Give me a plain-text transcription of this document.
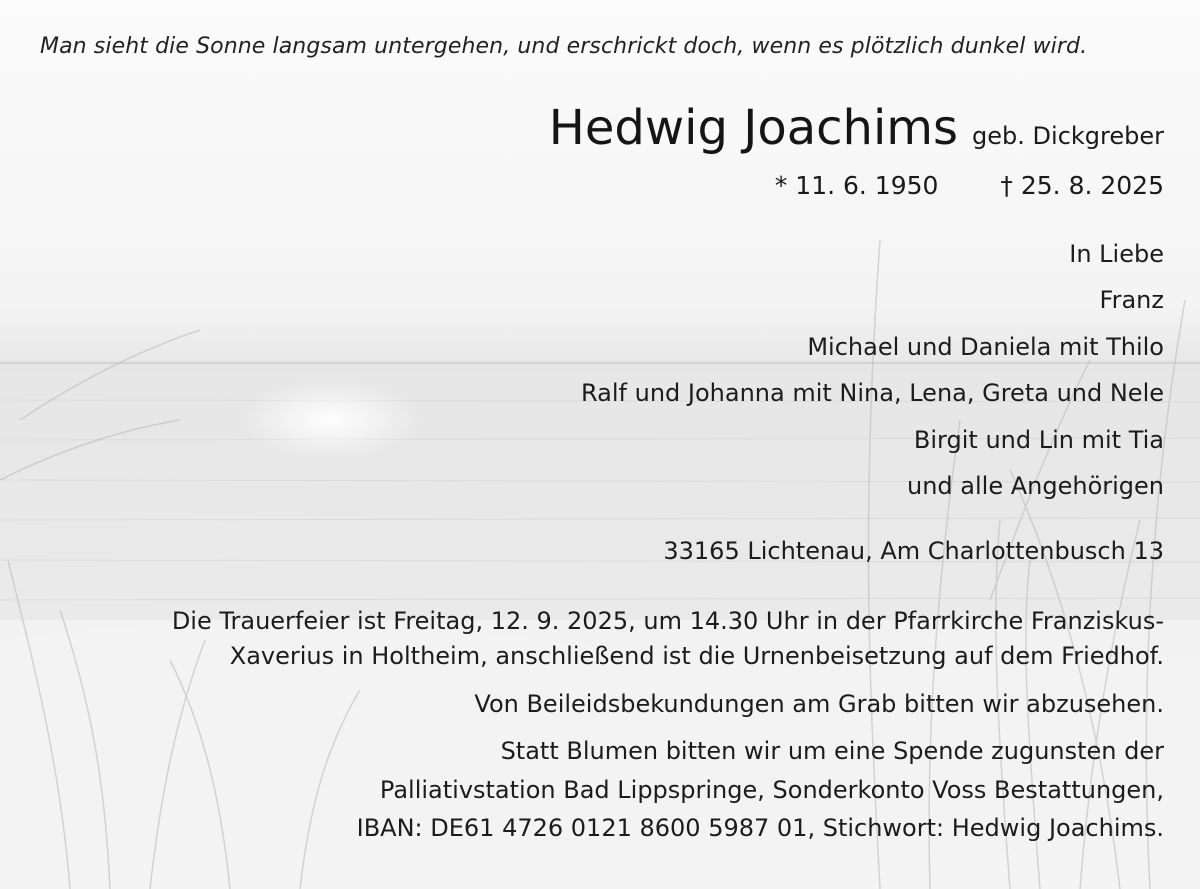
Man sieht die Sonne langsam untergehen, und erschrickt doch, wenn es plötzlich dunkel wird.

Hedwig Joachims geb. Dickgreber

* 11. 6. 1950 † 25. 8. 2025

In Liebe

Franz

Michael und Daniela mit Thilo

Ralf und Johanna mit Nina, Lena, Greta und Nele

Birgit und Lin mit Tia

und alle Angehörigen

33165 Lichtenau, Am Charlottenbusch 13

Die Trauerfeier ist Freitag, 12. 9. 2025, um 14.30 Uhr in der Pfarrkirche Franziskus-

Xaverius in Holtheim, anschließend ist die Urnenbeisetzung auf dem Friedhof.

Von Beileidsbekundungen am Grab bitten wir abzusehen.

Statt Blumen bitten wir um eine Spende zugunsten der

Palliativstation Bad Lippspringe, Sonderkonto Voss Bestattungen,

IBAN: DE61 4726 0121 8600 5987 01, Stichwort: Hedwig Joachims.
